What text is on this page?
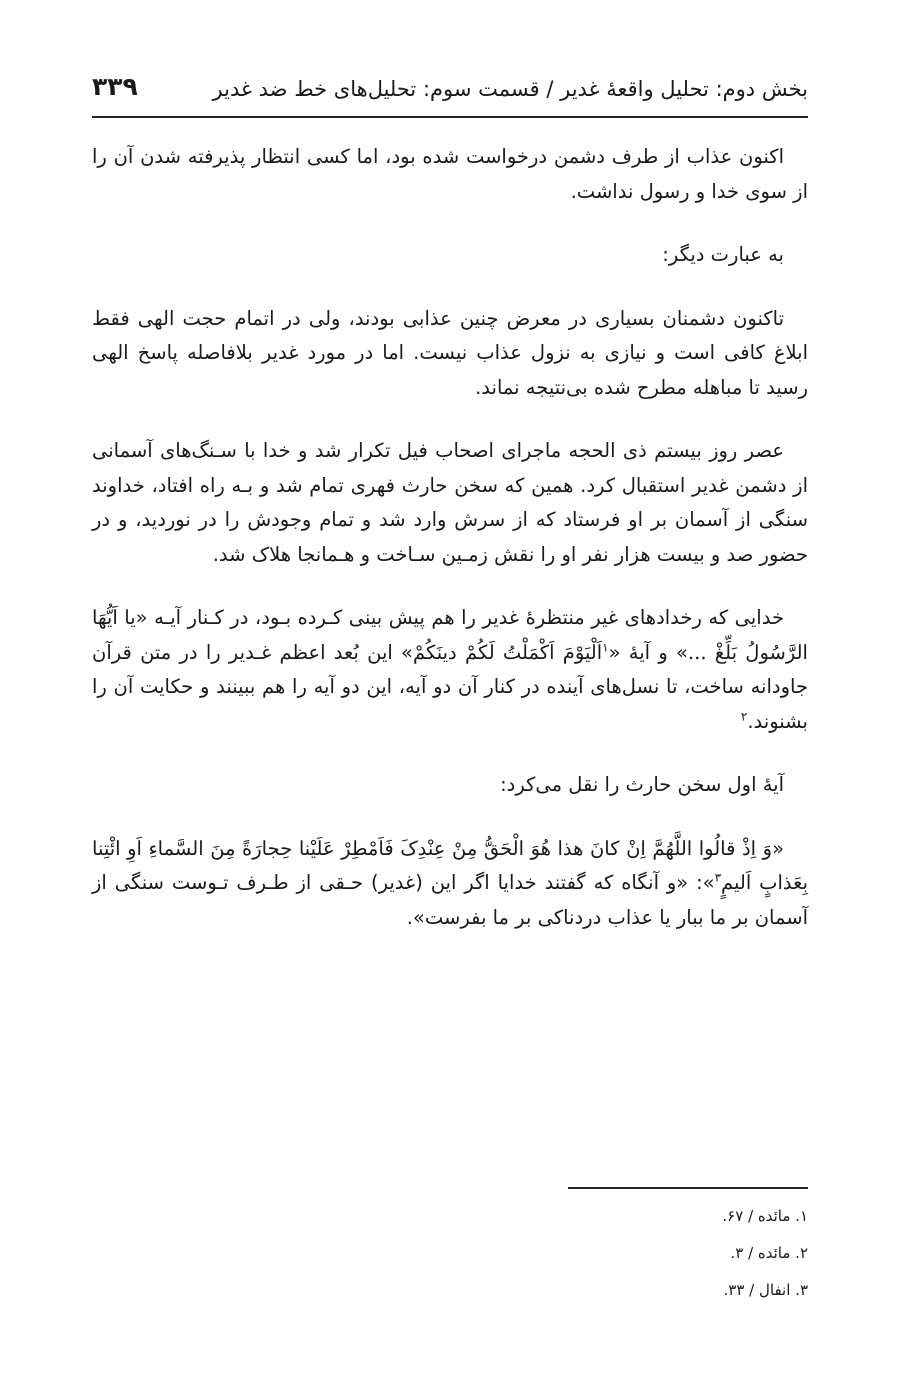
بخش دوم: تحلیل واقعهٔ غدیر / قسمت سوم: تحلیل‌های خط ضد غدیر
۳۳۹

اکنون عذاب از طرف دشمن درخواست شده بود، اما کسی انتظار پذیرفته شدن آن را از سوی خدا و رسول نداشت.

به عبارت دیگر:

تاکنون دشمنان بسیاری در معرض چنین عذابی بودند، ولی در اتمام حجت الهی فقط ابلاغ کافی است و نیازی به نزول عذاب نیست. اما در مورد غدیر بلافاصله پاسخ الهی رسید تا مباهله مطرح شده بی‌نتیجه نماند.

عصر روز بیستم ذی الحجه ماجرای اصحاب فیل تکرار شد و خدا با سـنگ‌های آسمانی از دشمن غدیر استقبال کرد. همین که سخن حارث فهری تمام شد و بـه راه افتاد، خداوند سنگی از آسمان بر او فرستاد که از سرش وارد شد و تمام وجودش را در نوردید، و در حضور صد و بیست هزار نفر او را نقش زمـین سـاخت و هـمانجا هلاک شد.

خدایی که رخدادهای غیر منتظرهٔ غدیر را هم پیش بینی کـرده بـود، در کـنار آیـه «یا اَیُّهَا الرَّسُولُ بَلِّغْ ...» و آیهٔ «$^۱$اَلْیَوْمَ اَکْمَلْتُ لَکُمْ دینَکُمْ» این بُعد اعظم غـدیر را در متن قرآن جاودانه ساخت، تا نسل‌های آینده در کنار آن دو آیه، این دو آیه را هم ببینند و حکایت آن را بشنوند.$^۲$

آیهٔ اول سخن حارث را نقل می‌کرد:

«وَ اِذْ قالُوا اللَّهُمَّ اِنْ کانَ هذا هُوَ الْحَقُّ مِنْ عِنْدِکَ فَاَمْطِرْ عَلَیْنا حِجارَةً مِنَ السَّماءِ اَوِ ائْتِنا بِعَذابٍ اَلیمٍ$^۳$»: «و آنگاه که گفتند خدایا اگر این (غدیر) حـقی از طـرف تـوست سنگی از آسمان بر ما ببار یا عذاب دردناکی بر ما بفرست».

۱. مائده / ۶۷.
۲. مائده / ۳.
۳. انفال / ۳۳.
